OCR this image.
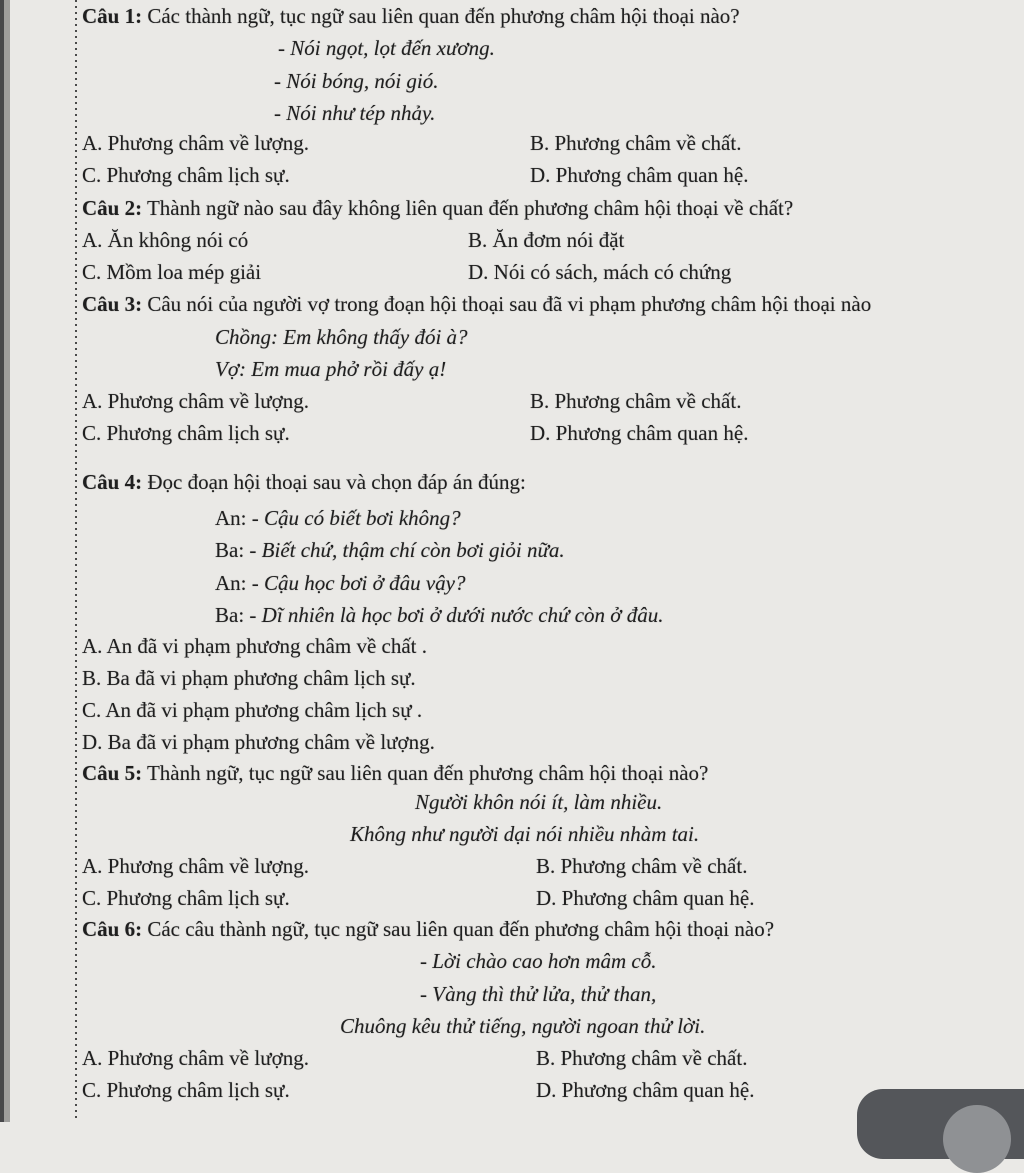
Câu 1: Các thành ngữ, tục ngữ sau liên quan đến phương châm hội thoại nào?
- Nói ngọt, lọt đến xương.
- Nói bóng, nói gió.
- Nói như tép nhảy.
A. Phương châm về lượng.	B. Phương châm về chất.
C. Phương châm lịch sự.	D. Phương châm quan hệ.
Câu 2: Thành ngữ nào sau đây không liên quan đến phương châm hội thoại về chất?
A. Ăn không nói có	B. Ăn đơm nói đặt
C. Mồm loa mép giải	D. Nói có sách, mách có chứng
Câu 3: Câu nói của người vợ trong đoạn hội thoại sau đã vi phạm phương châm hội thoại nào
Chồng: Em không thấy đói à?
Vợ: Em mua phở rồi đấy ạ!
A. Phương châm về lượng.	B. Phương châm về chất.
C. Phương châm lịch sự.	D. Phương châm quan hệ.
Câu 4: Đọc đoạn hội thoại sau và chọn đáp án đúng:
An: - Cậu có biết bơi không?
Ba: - Biết chứ, thậm chí còn bơi giỏi nữa.
An: - Cậu học bơi ở đâu vậy?
Ba: - Dĩ nhiên là học bơi ở dưới nước chứ còn ở đâu.
A. An đã vi phạm phương châm về chất .
B. Ba đã vi phạm phương châm lịch sự.
C. An đã vi phạm phương châm lịch sự .
D. Ba đã vi phạm phương châm về lượng.
Câu 5: Thành ngữ, tục ngữ sau liên quan đến phương châm hội thoại nào?
Người khôn nói ít, làm nhiều.
Không như người dại nói nhiều nhàm tai.
A. Phương châm về lượng.	B. Phương châm về chất.
C. Phương châm lịch sự.	D. Phương châm quan hệ.
Câu 6: Các câu thành ngữ, tục ngữ sau liên quan đến phương châm hội thoại nào?
- Lời chào cao hơn mâm cỗ.
- Vàng thì thử lửa, thử than,
Chuông kêu thử tiếng, người ngoan thử lời.
A. Phương châm về lượng.	B. Phương châm về chất.
C. Phương châm lịch sự.	D. Phương châm quan hệ.
